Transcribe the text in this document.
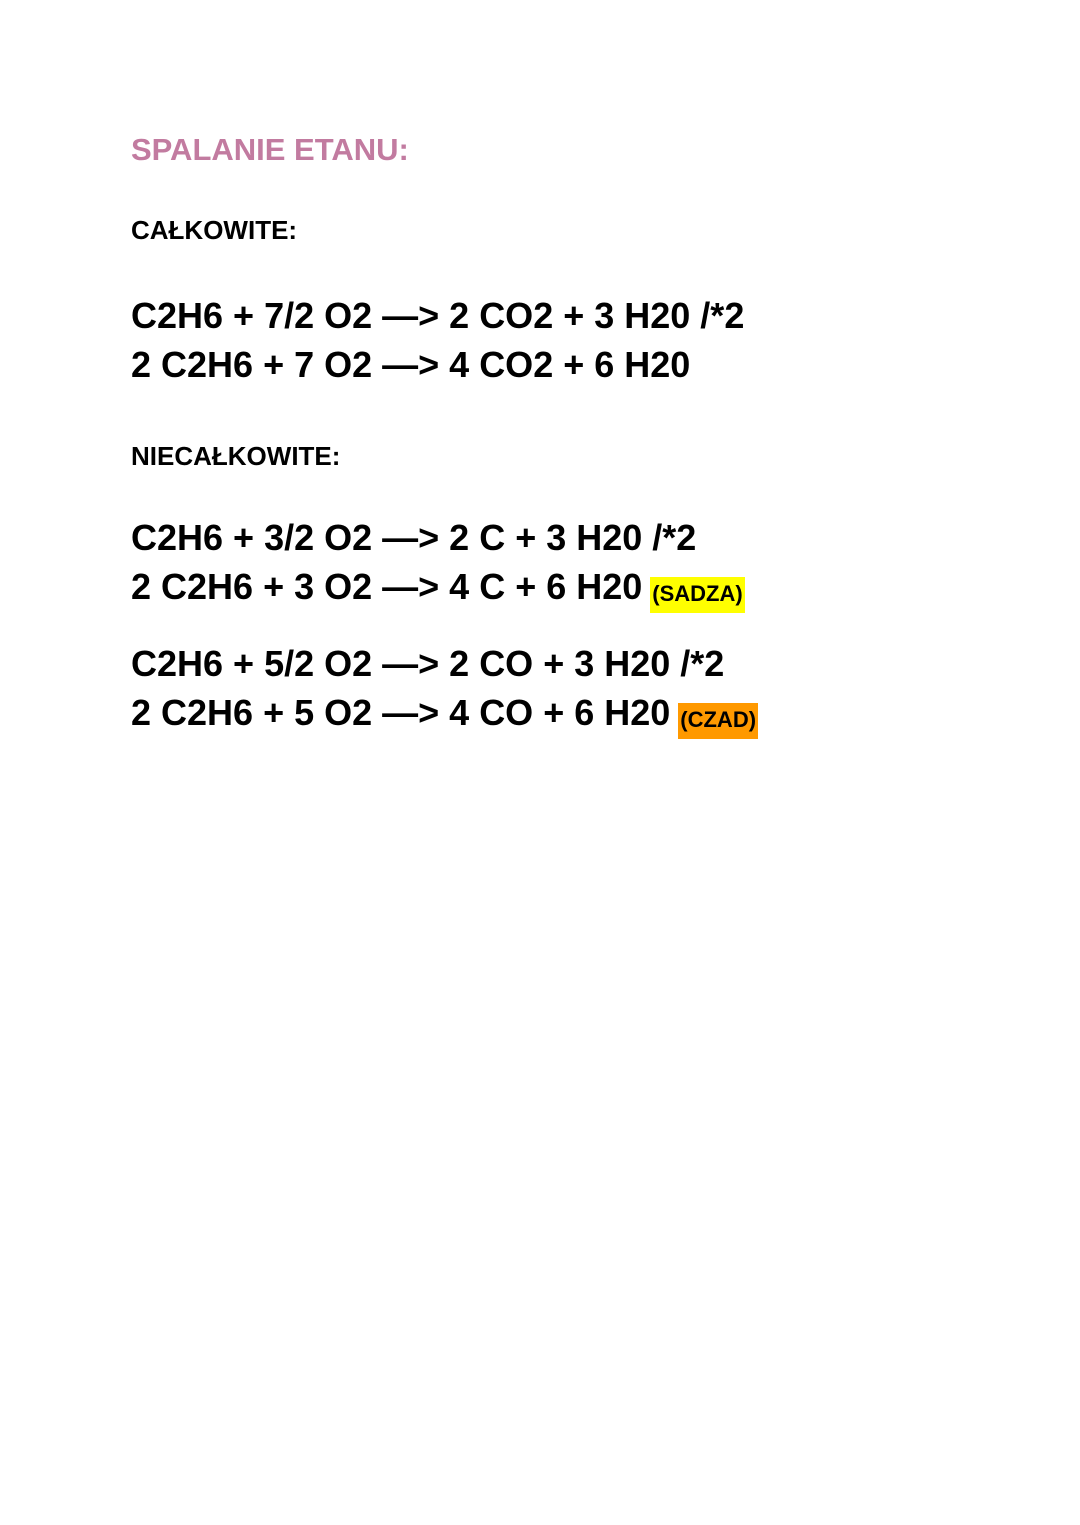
SPALANIE ETANU:
CAŁKOWITE:
C2H6 + 7/2 O2 —> 2 CO2 + 3 H20 /*2
2 C2H6 + 7 O2 —> 4 CO2 + 6 H20
NIECAŁKOWITE:
C2H6 + 3/2 O2 —> 2 C + 3 H20 /*2
2 C2H6 + 3 O2 —> 4 C + 6 H20 (SADZA)
C2H6 + 5/2 O2 —> 2 CO + 3 H20 /*2
2 C2H6 + 5 O2 —> 4 CO + 6 H20 (CZAD)
